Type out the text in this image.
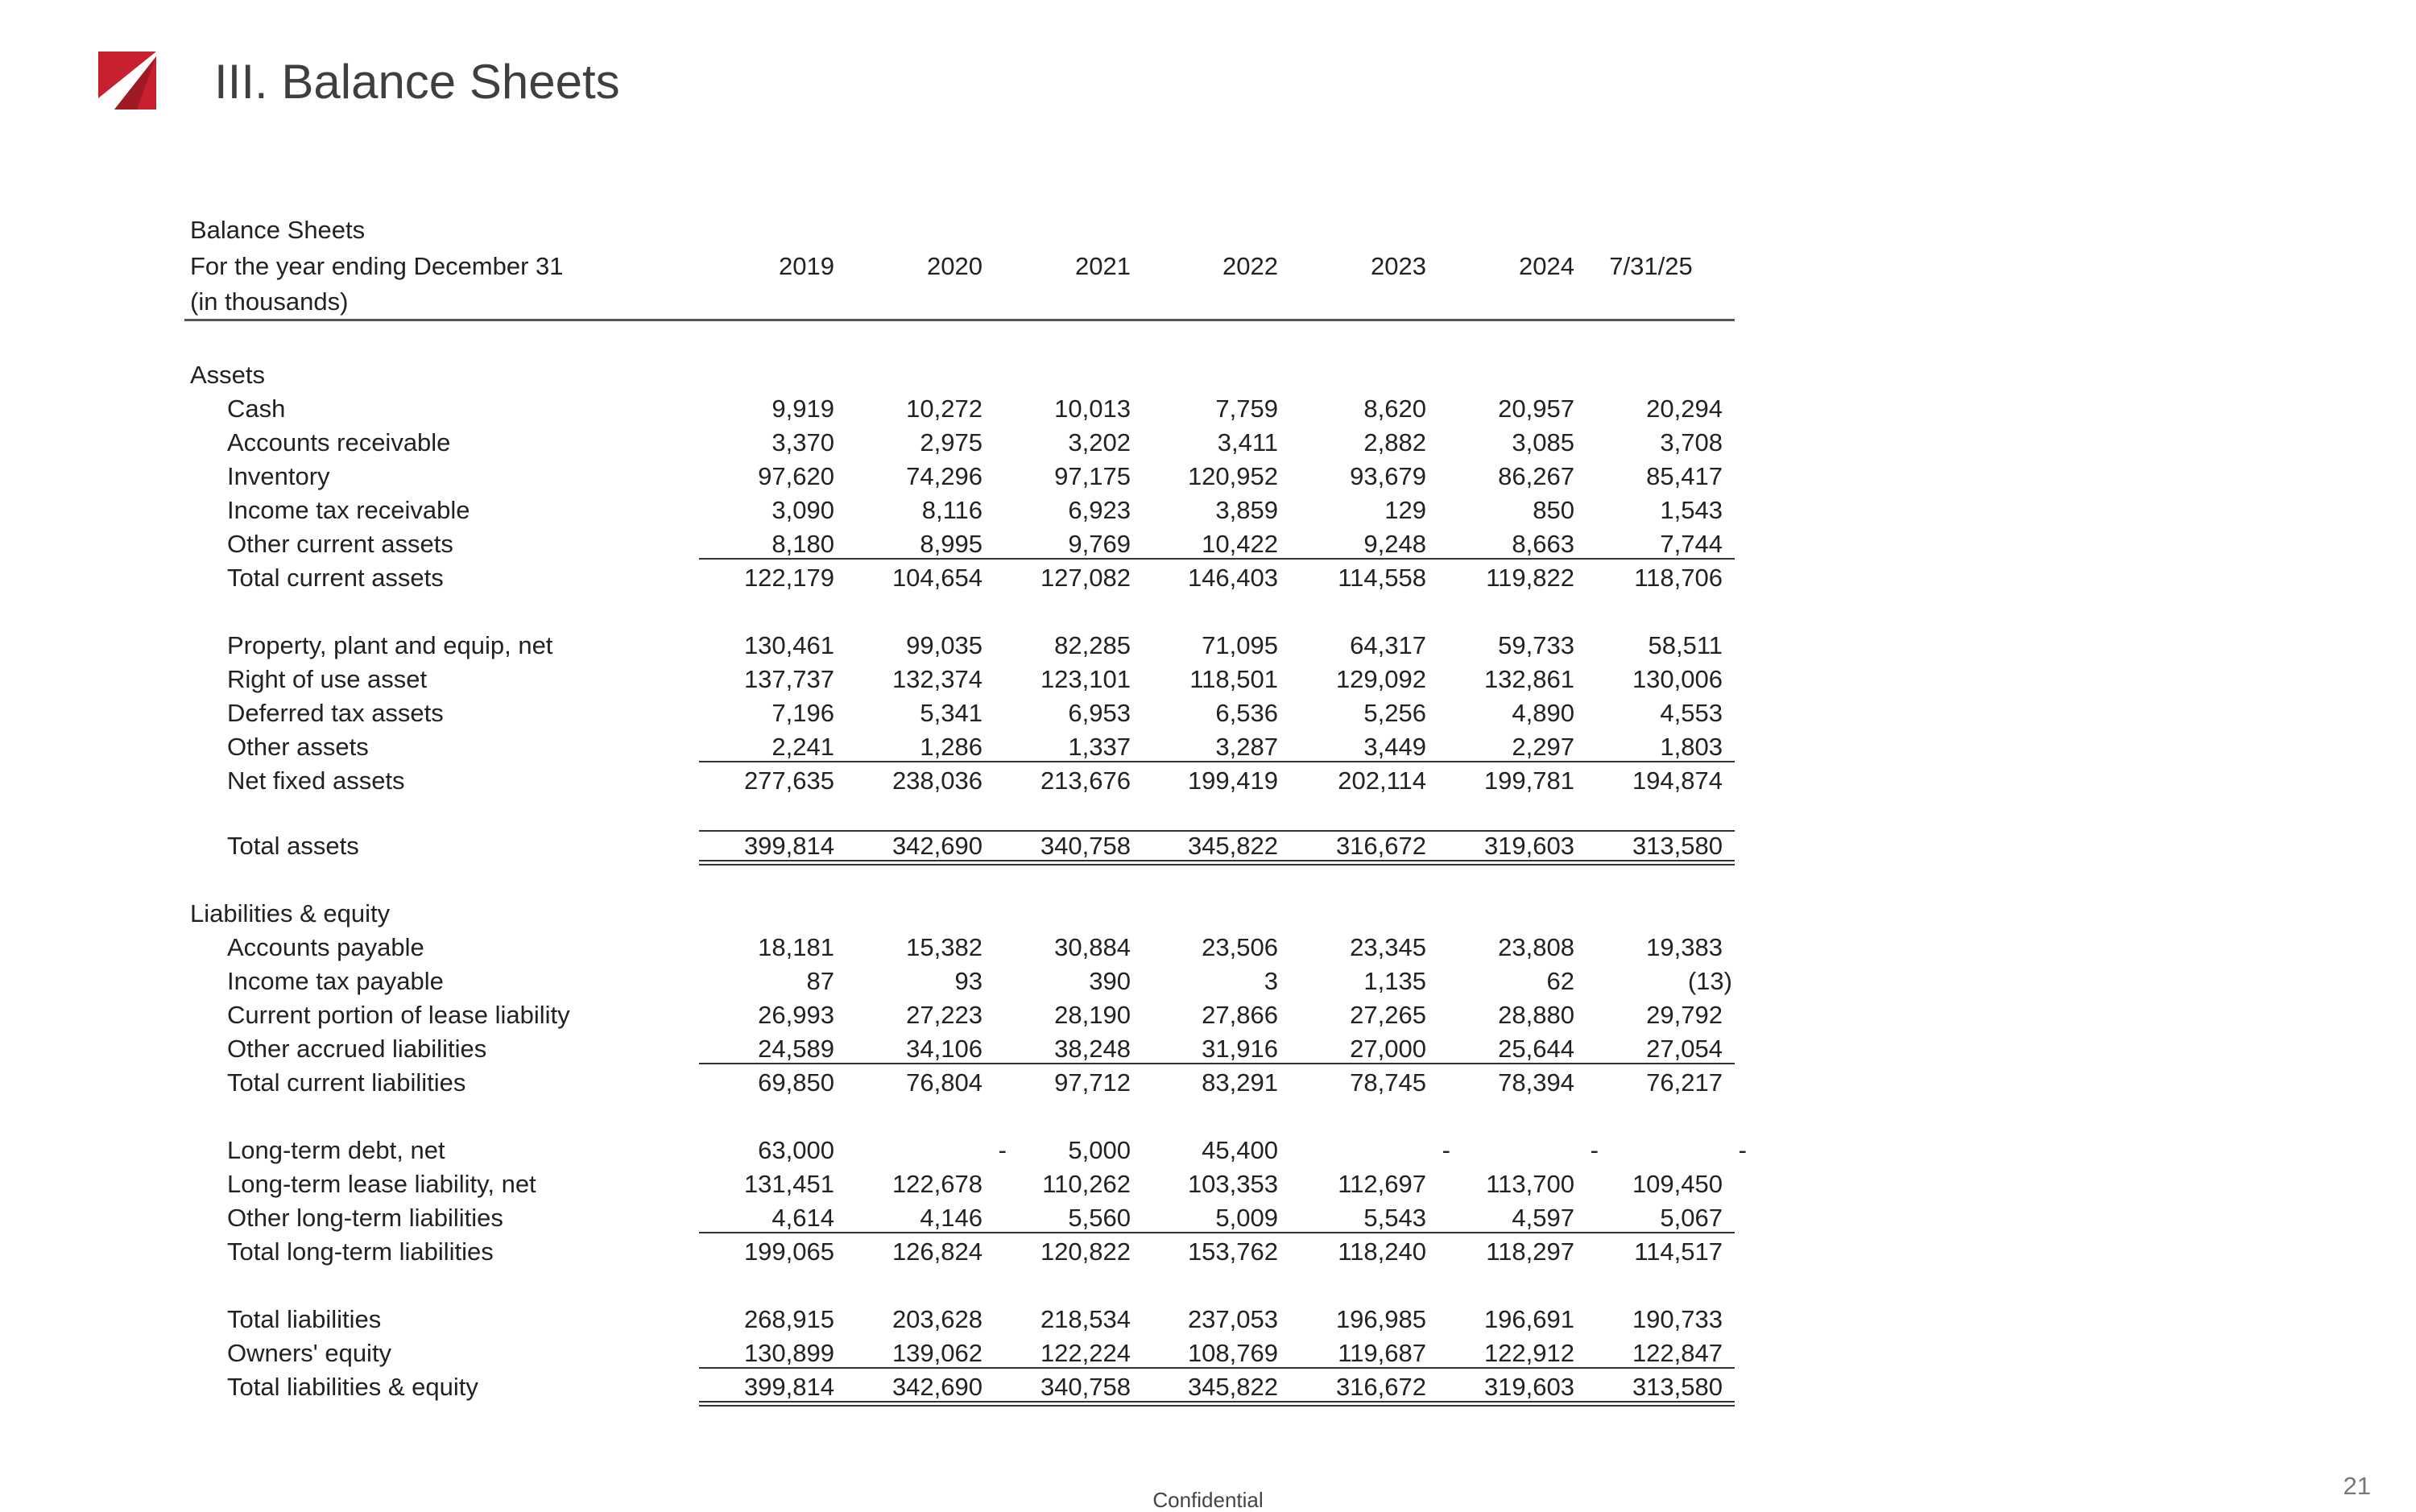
III. Balance Sheets
Balance Sheets
For the year ending December 31
(in thousands)
2019	2020	2021	2022	2023	2024	7/31/25
Assets
Cash	9,919	10,272	10,013	7,759	8,620	20,957	20,294
Accounts receivable	3,370	2,975	3,202	3,411	2,882	3,085	3,708
Inventory	97,620	74,296	97,175	120,952	93,679	86,267	85,417
Income tax receivable	3,090	8,116	6,923	3,859	129	850	1,543
Other current assets	8,180	8,995	9,769	10,422	9,248	8,663	7,744
Total current assets	122,179	104,654	127,082	146,403	114,558	119,822	118,706
Property, plant and equip, net	130,461	99,035	82,285	71,095	64,317	59,733	58,511
Right of use asset	137,737	132,374	123,101	118,501	129,092	132,861	130,006
Deferred tax assets	7,196	5,341	6,953	6,536	5,256	4,890	4,553
Other assets	2,241	1,286	1,337	3,287	3,449	2,297	1,803
Net fixed assets	277,635	238,036	213,676	199,419	202,114	199,781	194,874
Total assets	399,814	342,690	340,758	345,822	316,672	319,603	313,580
Liabilities & equity
Accounts payable	18,181	15,382	30,884	23,506	23,345	23,808	19,383
Income tax payable	87	93	390	3	1,135	62	(13)
Current portion of lease liability	26,993	27,223	28,190	27,866	27,265	28,880	29,792
Other accrued liabilities	24,589	34,106	38,248	31,916	27,000	25,644	27,054
Total current liabilities	69,850	76,804	97,712	83,291	78,745	78,394	76,217
Long-term debt, net	63,000	-	5,000	45,400	-	-	-
Long-term lease liability, net	131,451	122,678	110,262	103,353	112,697	113,700	109,450
Other long-term liabilities	4,614	4,146	5,560	5,009	5,543	4,597	5,067
Total long-term liabilities	199,065	126,824	120,822	153,762	118,240	118,297	114,517
Total liabilities	268,915	203,628	218,534	237,053	196,985	196,691	190,733
Owners' equity	130,899	139,062	122,224	108,769	119,687	122,912	122,847
Total liabilities & equity	399,814	342,690	340,758	345,822	316,672	319,603	313,580
Confidential	21
